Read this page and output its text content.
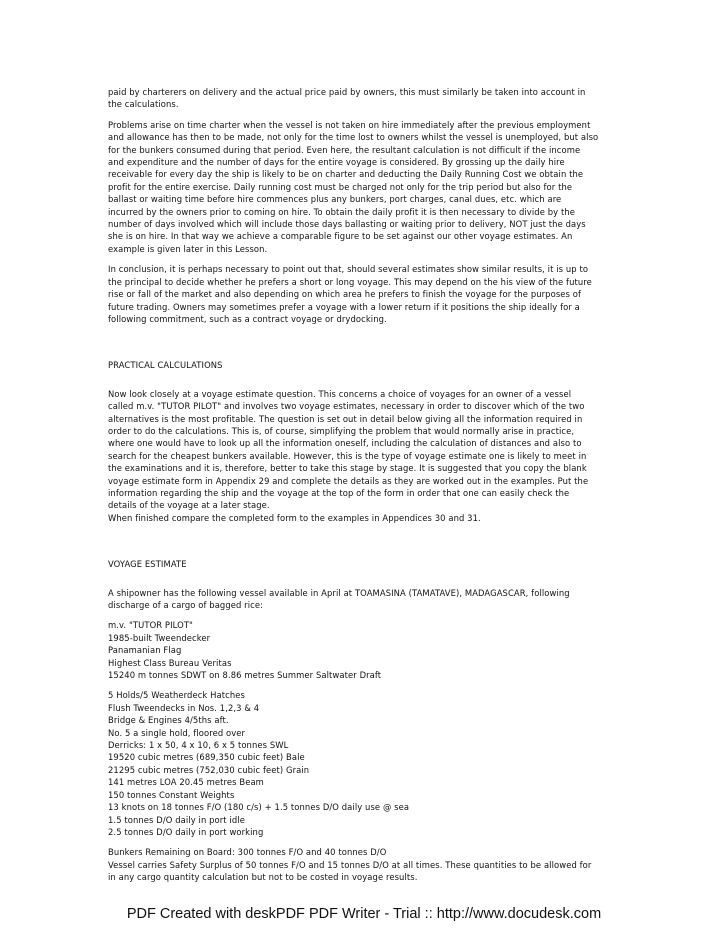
paid by charterers on delivery and the actual price paid by owners, this must similarly be taken into account in
the calculations.

Problems arise on time charter when the vessel is not taken on hire immediately after the previous employment
and allowance has then to be made, not only for the time lost to owners whilst the vessel is unemployed, but also
for the bunkers consumed during that period. Even here, the resultant calculation is not difficult if the income
and expenditure and the number of days for the entire voyage is considered. By grossing up the daily hire
receivable for every day the ship is likely to be on charter and deducting the Daily Running Cost we obtain the
profit for the entire exercise. Daily running cost must be charged not only for the trip period but also for the
ballast or waiting time before hire commences plus any bunkers, port charges, canal dues, etc. which are
incurred by the owners prior to coming on hire. To obtain the daily profit it is then necessary to divide by the
number of days involved which will include those days ballasting or waiting prior to delivery, NOT just the days
she is on hire. In that way we achieve a comparable figure to be set against our other voyage estimates. An
example is given later in this Lesson.

In conclusion, it is perhaps necessary to point out that, should several estimates show similar results, it is up to
the principal to decide whether he prefers a short or long voyage. This may depend on the his view of the future
rise or fall of the market and also depending on which area he prefers to finish the voyage for the purposes of
future trading. Owners may sometimes prefer a voyage with a lower return if it positions the ship ideally for a
following commitment, such as a contract voyage or drydocking.

PRACTICAL CALCULATIONS

Now look closely at a voyage estimate question. This concerns a choice of voyages for an owner of a vessel
called m.v. "TUTOR PILOT" and involves two voyage estimates, necessary in order to discover which of the two
alternatives is the most profitable. The question is set out in detail below giving all the information required in
order to do the calculations. This is, of course, simplifying the problem that would normally arise in practice,
where one would have to look up all the information oneself, including the calculation of distances and also to
search for the cheapest bunkers available. However, this is the type of voyage estimate one is likely to meet in
the examinations and it is, therefore, better to take this stage by stage. It is suggested that you copy the blank
voyage estimate form in Appendix 29 and complete the details as they are worked out in the examples. Put the
information regarding the ship and the voyage at the top of the form in order that one can easily check the
details of the voyage at a later stage.
When finished compare the completed form to the examples in Appendices 30 and 31.

VOYAGE ESTIMATE

A shipowner has the following vessel available in April at TOAMASINA (TAMATAVE), MADAGASCAR, following
discharge of a cargo of bagged rice:

m.v. "TUTOR PILOT"
1985-built Tweendecker
Panamanian Flag
Highest Class Bureau Veritas
15240 m tonnes SDWT on 8.86 metres Summer Saltwater Draft

5 Holds/5 Weatherdeck Hatches
Flush Tweendecks in Nos. 1,2,3 & 4
Bridge & Engines 4/5ths aft.
No. 5 a single hold, floored over
Derricks: 1 x 50, 4 x 10, 6 x 5 tonnes SWL
19520 cubic metres (689,350 cubic feet) Bale
21295 cubic metres (752,030 cubic feet) Grain
141 metres LOA 20.45 metres Beam
150 tonnes Constant Weights
13 knots on 18 tonnes F/O (180 c/s) + 1.5 tonnes D/O daily use @ sea
1.5 tonnes D/O daily in port idle
2.5 tonnes D/O daily in port working

Bunkers Remaining on Board: 300 tonnes F/O and 40 tonnes D/O
Vessel carries Safety Surplus of 50 tonnes F/O and 15 tonnes D/O at all times. These quantities to be allowed for
in any cargo quantity calculation but not to be costed in voyage results.

PDF Created with deskPDF PDF Writer - Trial :: http://www.docudesk.com
